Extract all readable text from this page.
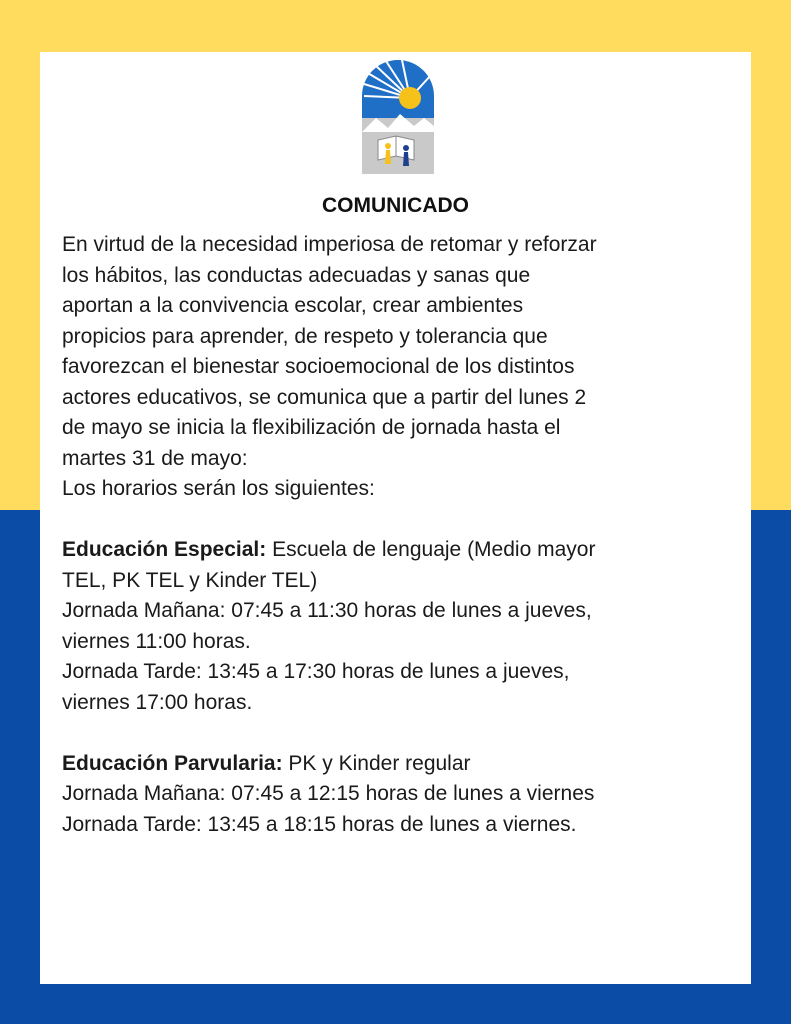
COMUNICADO
En virtud de la necesidad imperiosa de retomar y reforzar
los hábitos, las conductas adecuadas y sanas que
aportan a la convivencia escolar, crear ambientes
propicios para aprender, de respeto y tolerancia que
favorezcan el bienestar socioemocional de los distintos
actores educativos, se comunica que a partir del lunes 2
de mayo se inicia la flexibilización de jornada hasta el
martes 31 de mayo:
Los horarios serán los siguientes:
Educación Especial: Escuela de lenguaje (Medio mayor
TEL, PK TEL y Kinder TEL)
Jornada Mañana: 07:45 a 11:30 horas de lunes a jueves,
viernes 11:00 horas.
Jornada Tarde: 13:45 a 17:30 horas de lunes a jueves,
viernes 17:00 horas.
Educación Parvularia: PK y Kinder regular
Jornada Mañana: 07:45 a 12:15 horas de lunes a viernes
Jornada Tarde: 13:45 a 18:15 horas de lunes a viernes.
